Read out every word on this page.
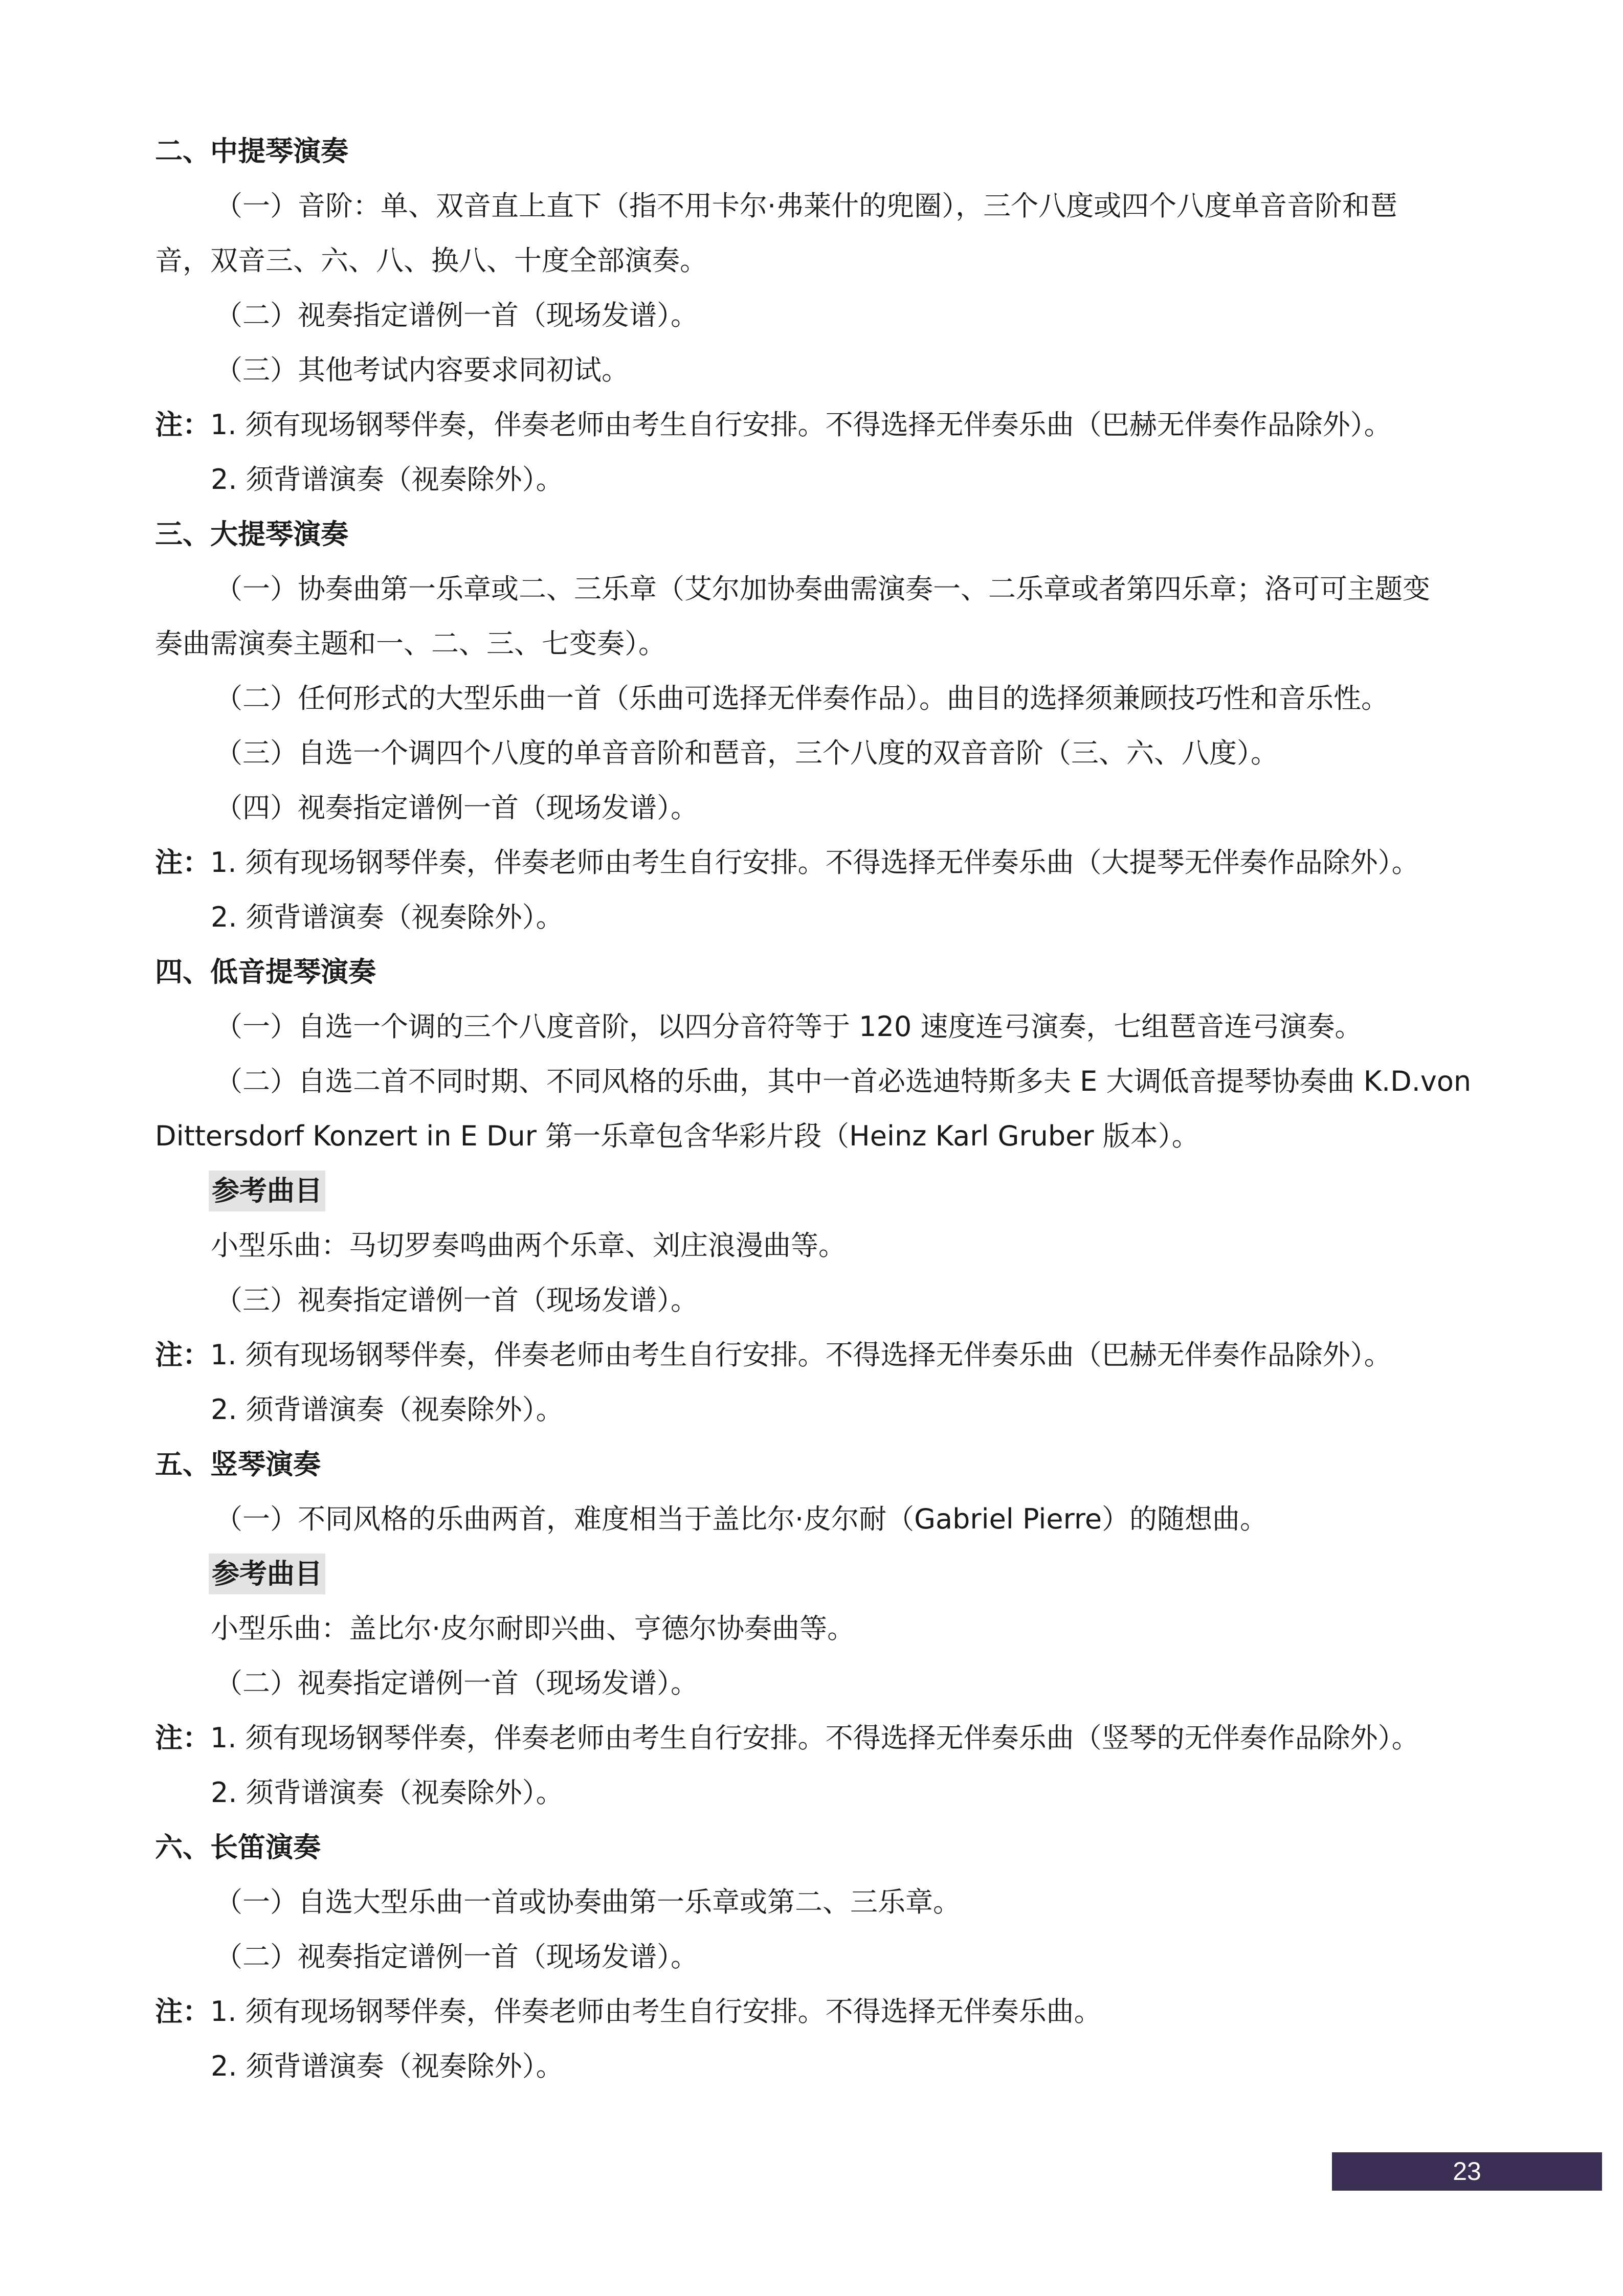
二、中提琴演奏
（一）音阶：单、双音直上直下（指不用卡尔·弗莱什的兜圈），三个八度或四个八度单音音阶和琶
音，双音三、六、八、换八、十度全部演奏。
（二）视奏指定谱例一首（现场发谱）。
（三）其他考试内容要求同初试。
注：1. 须有现场钢琴伴奏，伴奏老师由考生自行安排。不得选择无伴奏乐曲（巴赫无伴奏作品除外）。
2. 须背谱演奏（视奏除外）。
三、大提琴演奏
（一）协奏曲第一乐章或二、三乐章（艾尔加协奏曲需演奏一、二乐章或者第四乐章；洛可可主题变
奏曲需演奏主题和一、二、三、七变奏）。
（二）任何形式的大型乐曲一首（乐曲可选择无伴奏作品）。曲目的选择须兼顾技巧性和音乐性。
（三）自选一个调四个八度的单音音阶和琶音，三个八度的双音音阶（三、六、八度）。
（四）视奏指定谱例一首（现场发谱）。
注：1. 须有现场钢琴伴奏，伴奏老师由考生自行安排。不得选择无伴奏乐曲（大提琴无伴奏作品除外）。
2. 须背谱演奏（视奏除外）。
四、低音提琴演奏
（一）自选一个调的三个八度音阶，以四分音符等于 120 速度连弓演奏，七组琶音连弓演奏。
（二）自选二首不同时期、不同风格的乐曲，其中一首必选迪特斯多夫 E 大调低音提琴协奏曲 K.D.von
Dittersdorf Konzert in E Dur 第一乐章包含华彩片段（Heinz Karl Gruber 版本）。
参考曲目
小型乐曲：马切罗奏鸣曲两个乐章、刘庄浪漫曲等。
（三）视奏指定谱例一首（现场发谱）。
注：1. 须有现场钢琴伴奏，伴奏老师由考生自行安排。不得选择无伴奏乐曲（巴赫无伴奏作品除外）。
2. 须背谱演奏（视奏除外）。
五、竖琴演奏
（一）不同风格的乐曲两首，难度相当于盖比尔·皮尔耐（Gabriel Pierre）的随想曲。
参考曲目
小型乐曲：盖比尔·皮尔耐即兴曲、亨德尔协奏曲等。
（二）视奏指定谱例一首（现场发谱）。
注：1. 须有现场钢琴伴奏，伴奏老师由考生自行安排。不得选择无伴奏乐曲（竖琴的无伴奏作品除外）。
2. 须背谱演奏（视奏除外）。
六、长笛演奏
（一）自选大型乐曲一首或协奏曲第一乐章或第二、三乐章。
（二）视奏指定谱例一首（现场发谱）。
注：1. 须有现场钢琴伴奏，伴奏老师由考生自行安排。不得选择无伴奏乐曲。
2. 须背谱演奏（视奏除外）。
23
